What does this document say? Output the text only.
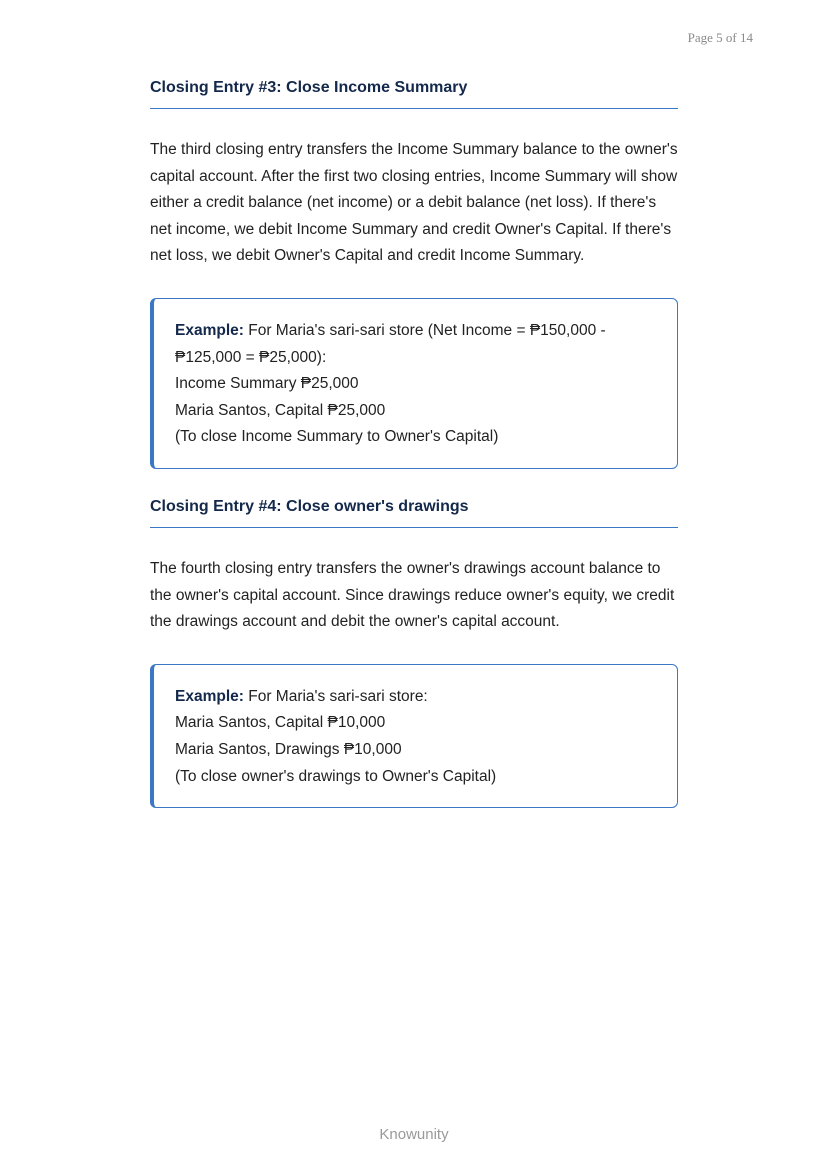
Page 5 of 14
Closing Entry #3: Close Income Summary

The third closing entry transfers the Income Summary balance to the owner's capital account. After the first two closing entries, Income Summary will show either a credit balance (net income) or a debit balance (net loss). If there's net income, we debit Income Summary and credit Owner's Capital. If there's net loss, we debit Owner's Capital and credit Income Summary.

Example: For Maria's sari-sari store (Net Income = ₱150,000 - ₱125,000 = ₱25,000):
Income Summary ₱25,000
Maria Santos, Capital ₱25,000
(To close Income Summary to Owner's Capital)
Closing Entry #4: Close owner's drawings

The fourth closing entry transfers the owner's drawings account balance to the owner's capital account. Since drawings reduce owner's equity, we credit the drawings account and debit the owner's capital account.

Example: For Maria's sari-sari store:
Maria Santos, Capital ₱10,000
Maria Santos, Drawings ₱10,000
(To close owner's drawings to Owner's Capital)
Knowunity
